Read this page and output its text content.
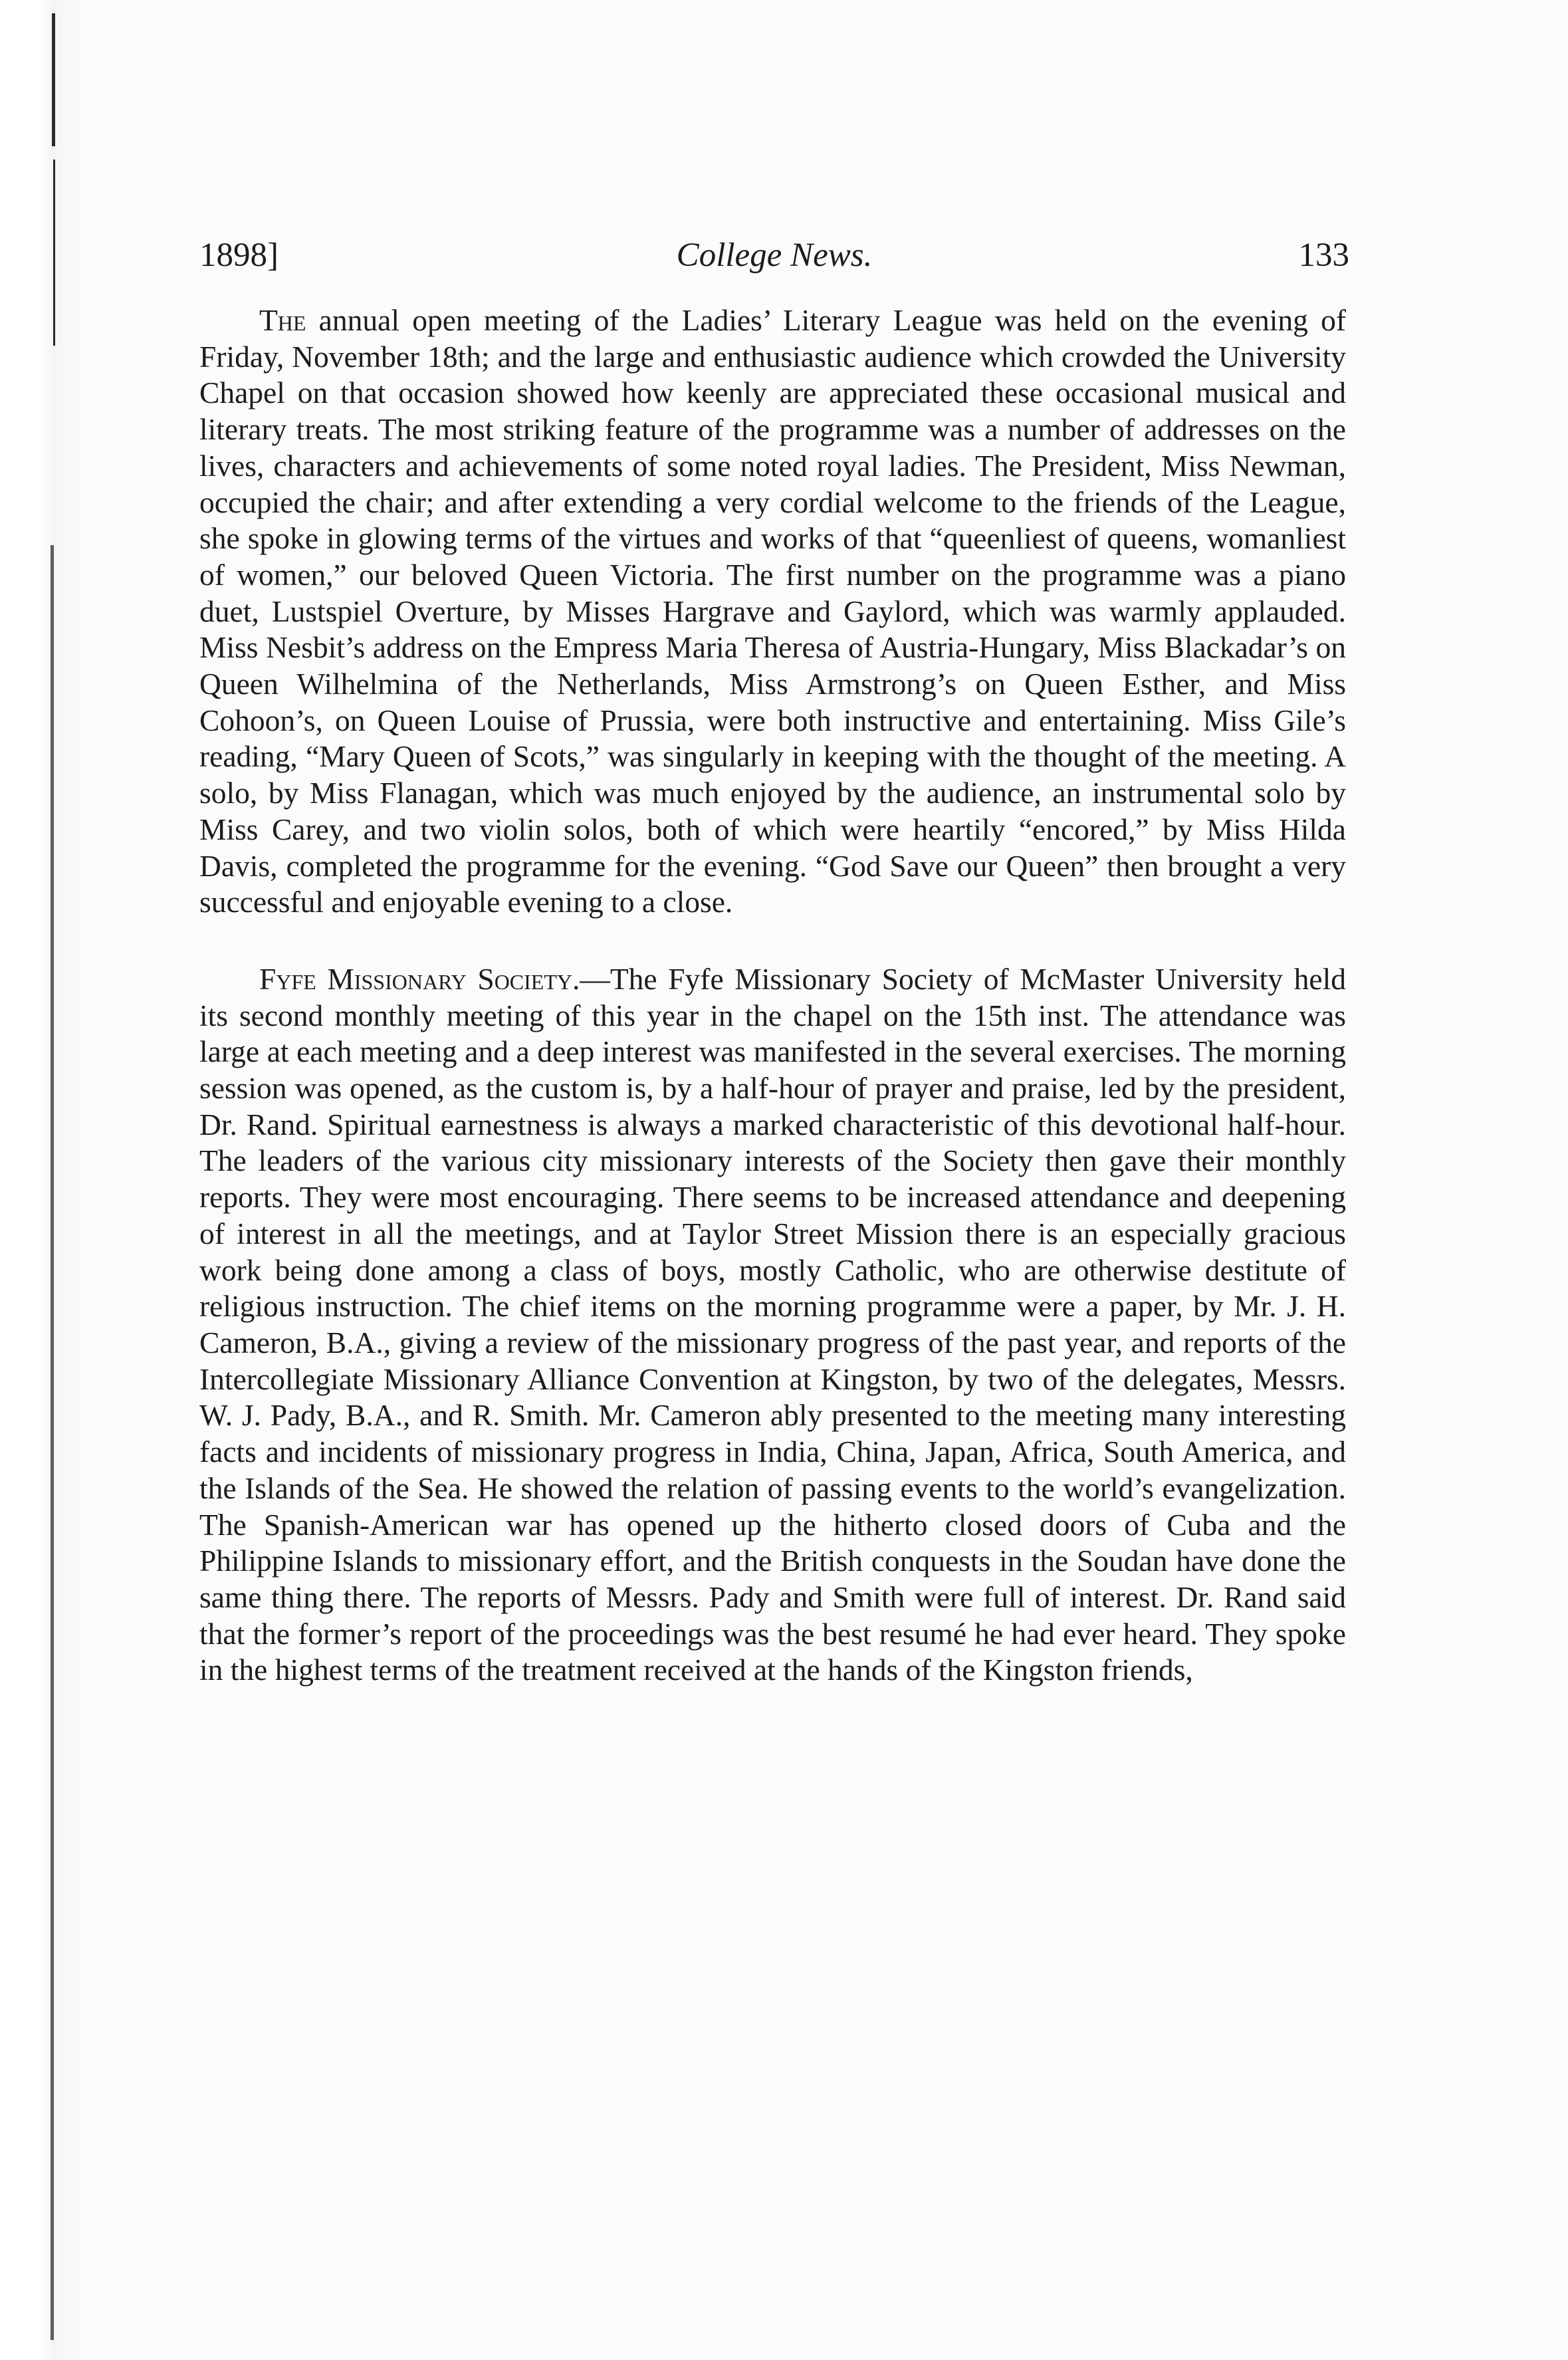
1898]	College News.	133

The annual open meeting of the Ladies’ Literary League was held on the evening of Friday, November 18th; and the large and enthusiastic audience which crowded the University Chapel on that occasion showed how keenly are appreciated these occasional musical and literary treats. The most striking feature of the programme was a number of addresses on the lives, characters and achievements of some noted royal ladies. The President, Miss Newman, occupied the chair; and after extending a very cordial welcome to the friends of the League, she spoke in glowing terms of the virtues and works of that “queenliest of queens, womanliest of women,” our beloved Queen Victoria. The first number on the programme was a piano duet, Lustspiel Overture, by Misses Hargrave and Gaylord, which was warmly applauded. Miss Nesbit’s address on the Empress Maria Theresa of Austria-Hungary, Miss Blackadar’s on Queen Wilhelmina of the Netherlands, Miss Armstrong’s on Queen Esther, and Miss Cohoon’s, on Queen Louise of Prussia, were both instructive and entertaining. Miss Gile’s reading, “Mary Queen of Scots,” was singularly in keeping with the thought of the meeting. A solo, by Miss Flanagan, which was much enjoyed by the audience, an instrumental solo by Miss Carey, and two violin solos, both of which were heartily “encored,” by Miss Hilda Davis, completed the programme for the evening. “God Save our Queen” then brought a very successful and enjoyable evening to a close.

Fyfe Missionary Society.—The Fyfe Missionary Society of McMaster University held its second monthly meeting of this year in the chapel on the 15th inst. The attendance was large at each meeting and a deep interest was manifested in the several exercises. The morning session was opened, as the custom is, by a half-hour of prayer and praise, led by the president, Dr. Rand. Spiritual earnestness is always a marked characteristic of this devotional half-hour. The leaders of the various city missionary interests of the Society then gave their monthly reports. They were most encouraging. There seems to be increased attendance and deepening of interest in all the meetings, and at Taylor Street Mission there is an especially gracious work being done among a class of boys, mostly Catholic, who are otherwise destitute of religious instruction. The chief items on the morning programme were a paper, by Mr. J. H. Cameron, B.A., giving a review of the missionary progress of the past year, and reports of the Intercollegiate Missionary Alliance Convention at Kingston, by two of the delegates, Messrs. W. J. Pady, B.A., and R. Smith. Mr. Cameron ably presented to the meeting many interesting facts and incidents of missionary progress in India, China, Japan, Africa, South America, and the Islands of the Sea. He showed the relation of passing events to the world’s evangelization. The Spanish-American war has opened up the hitherto closed doors of Cuba and the Philippine Islands to missionary effort, and the British conquests in the Soudan have done the same thing there. The reports of Messrs. Pady and Smith were full of interest. Dr. Rand said that the former’s report of the proceedings was the best resumé he had ever heard. They spoke in the highest terms of the treatment received at the hands of the Kingston friends,
